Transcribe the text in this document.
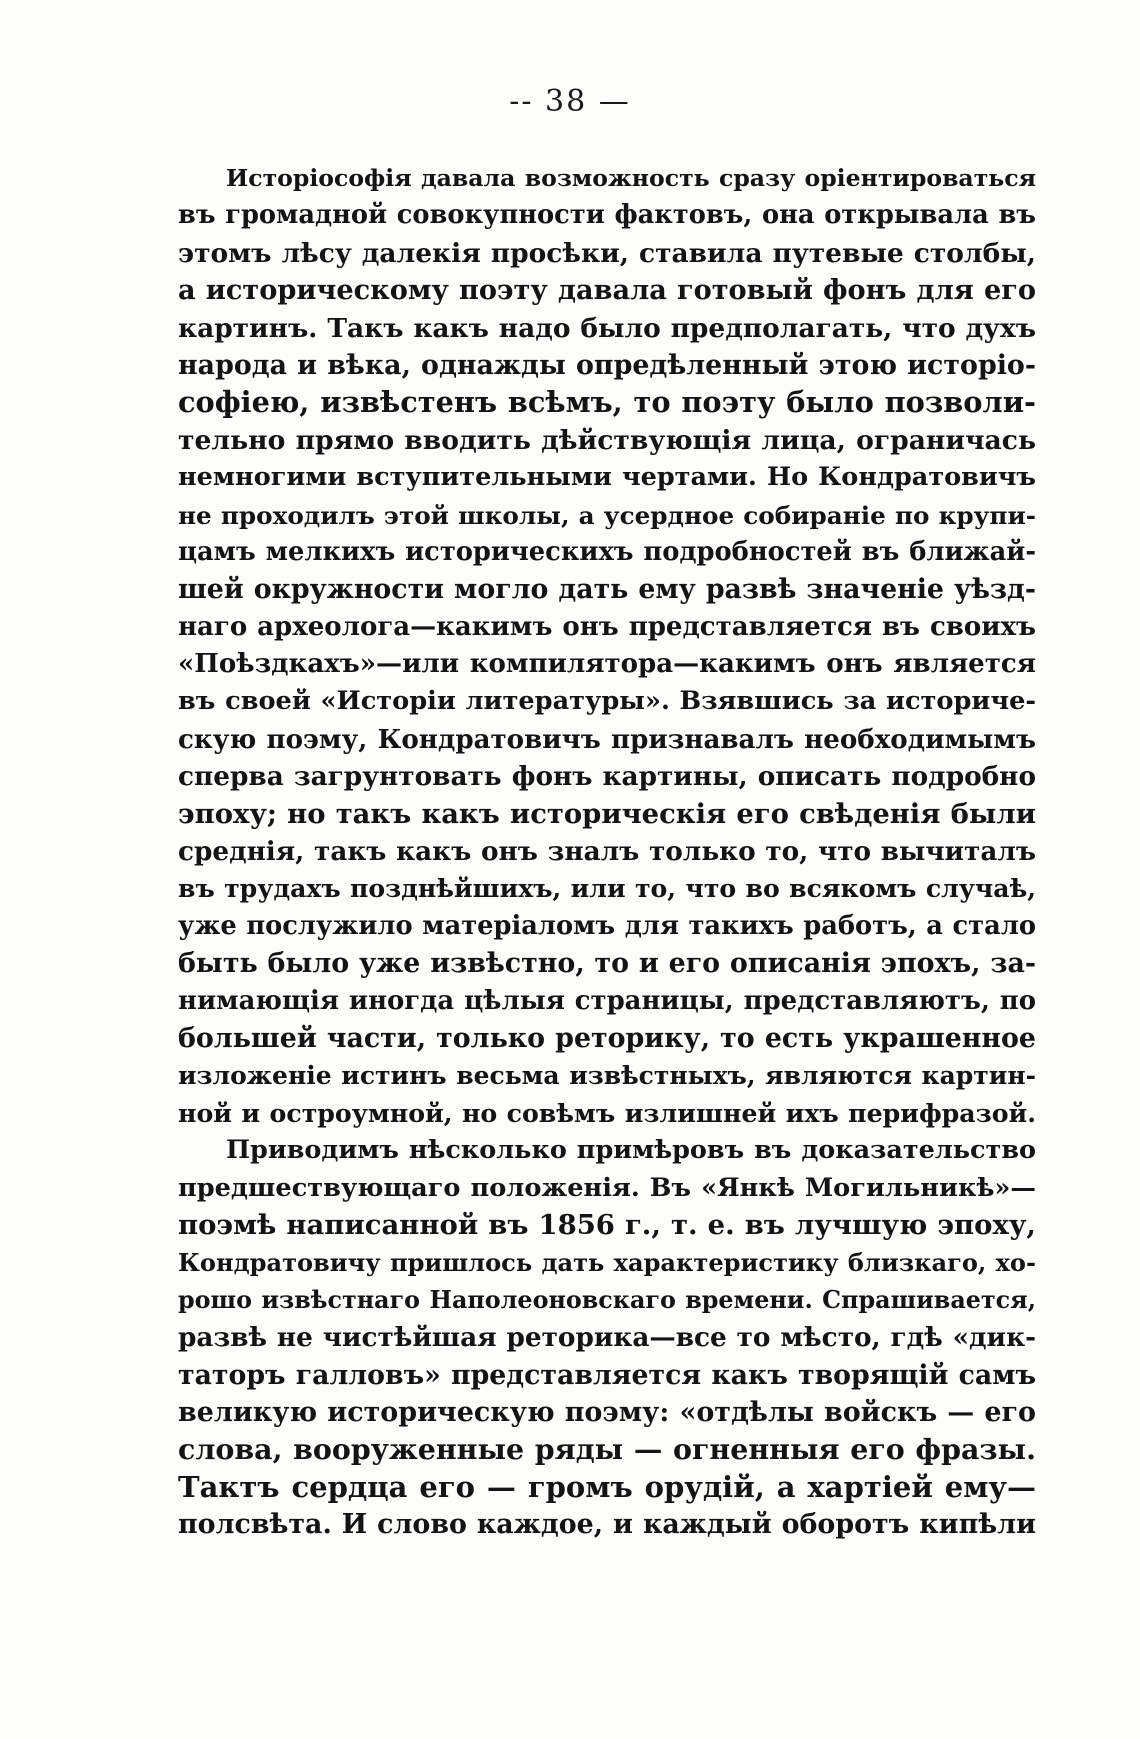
-- 38 —
Исторіософія давала возможность сразу оріентироваться
въ громадной совокупности фактовъ, она открывала въ
этомъ лѣсу далекія просѣки, ставила путевые столбы,
а историческому поэту давала готовый фонъ для его
картинъ. Такъ какъ надо было предполагать, что духъ
народа и вѣка, однажды опредѣленный этою исторіо-
софіею, извѣстенъ всѣмъ, то поэту было позволи-
тельно прямо вводить дѣйствующія лица, ограничась
немногими вступительными чертами. Но Кондратовичъ
не проходилъ этой школы, а усердное собираніе по крупи-
цамъ мелкихъ историческихъ подробностей въ ближай-
шей окружности могло дать ему развѣ значеніе уѣзд-
наго археолога—какимъ онъ представляется въ своихъ
«Поѣздкахъ»—или компилятора—какимъ онъ является
въ своей «Исторіи литературы». Взявшись за историче-
скую поэму, Кондратовичъ признавалъ необходимымъ
сперва загрунтовать фонъ картины, описать подробно
эпоху; но такъ какъ историческія его свѣденія были
среднія, такъ какъ онъ зналъ только то, что вычиталъ
въ трудахъ позднѣйшихъ, или то, что во всякомъ случаѣ,
уже послужило матеріаломъ для такихъ работъ, а стало
быть было уже извѣстно, то и его описанія эпохъ, за-
нимающія иногда цѣлыя страницы, представляютъ, по
большей части, только реторику, то есть украшенное
изложеніе истинъ весьма извѣстныхъ, являются картин-
ной и остроумной, но совѣмъ излишней ихъ перифразой.
Приводимъ нѣсколько примѣровъ въ доказательство
предшествующаго положенія. Въ «Янкѣ Могильникѣ»—
поэмѣ написанной въ 1856 г., т. е. въ лучшую эпоху,
Кондратовичу пришлось дать характеристику близкаго, хо-
рошо извѣстнаго Наполеоновскаго времени. Спрашивается,
развѣ не чистѣйшая реторика—все то мѣсто, гдѣ «дик-
таторъ галловъ» представляется какъ творящій самъ
великую историческую поэму: «отдѣлы войскъ — его
слова, вооруженные ряды — огненныя его фразы.
Тактъ сердца его — громъ орудій, а хартіей ему—
полсвѣта. И слово каждое, и каждый оборотъ кипѣли
